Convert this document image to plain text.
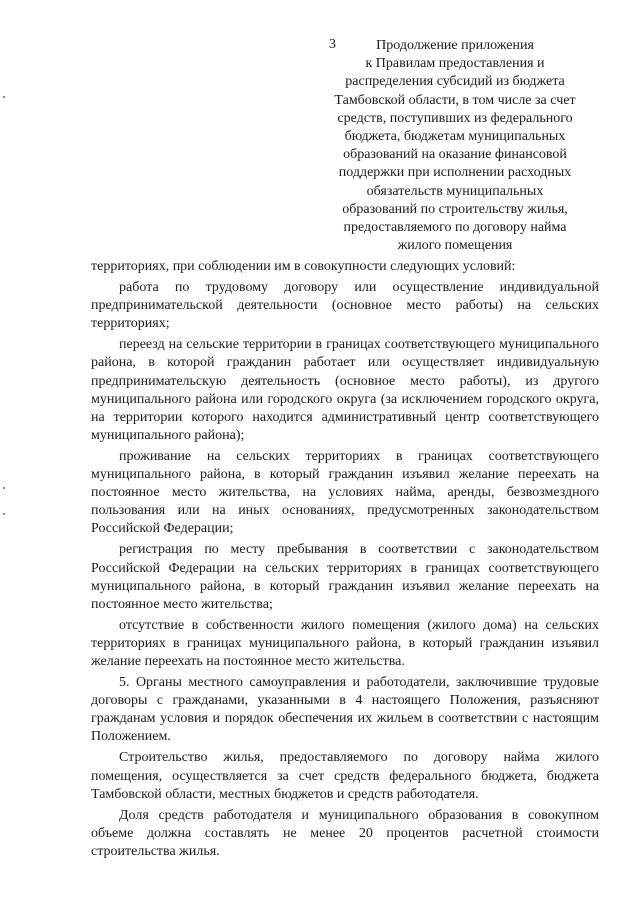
3	Продолжение приложения
к Правилам предоставления и
распределения субсидий из бюджета
Тамбовской области, в том числе за счет
средств, поступивших из федерального
бюджета, бюджетам муниципальных
образований на оказание финансовой
поддержки при исполнении расходных
обязательств муниципальных
образований по строительству жилья,
предоставляемого по договору найма
жилого помещения

территориях, при соблюдении им в совокупности следующих условий:

работа по трудовому договору или осуществление индивидуальной предпринимательской деятельности (основное место работы) на сельских территориях;

переезд на сельские территории в границах соответствующего муниципального района, в которой гражданин работает или осуществляет индивидуальную предпринимательскую деятельность (основное место работы), из другого муниципального района или городского округа (за исключением городского округа, на территории которого находится административный центр соответствующего муниципального района);

проживание на сельских территориях в границах соответствующего муниципального района, в который гражданин изъявил желание переехать на постоянное место жительства, на условиях найма, аренды, безвозмездного пользования или на иных основаниях, предусмотренных законодательством Российской Федерации;

регистрация по месту пребывания в соответствии с законодательством Российской Федерации на сельских территориях в границах соответствующего муниципального района, в который гражданин изъявил желание переехать на постоянное место жительства;

отсутствие в собственности жилого помещения (жилого дома) на сельских территориях в границах муниципального района, в который гражданин изъявил желание переехать на постоянное место жительства.

5. Органы местного самоуправления и работодатели, заключившие трудовые договоры с гражданами, указанными в 4 настоящего Положения, разъясняют гражданам условия и порядок обеспечения их жильем в соответствии с настоящим Положением.

Строительство жилья, предоставляемого по договору найма жилого помещения, осуществляется за счет средств федерального бюджета, бюджета Тамбовской области, местных бюджетов и средств работодателя.

Доля средств работодателя и муниципального образования в совокупном объеме должна составлять не менее 20 процентов расчетной стоимости строительства жилья.
